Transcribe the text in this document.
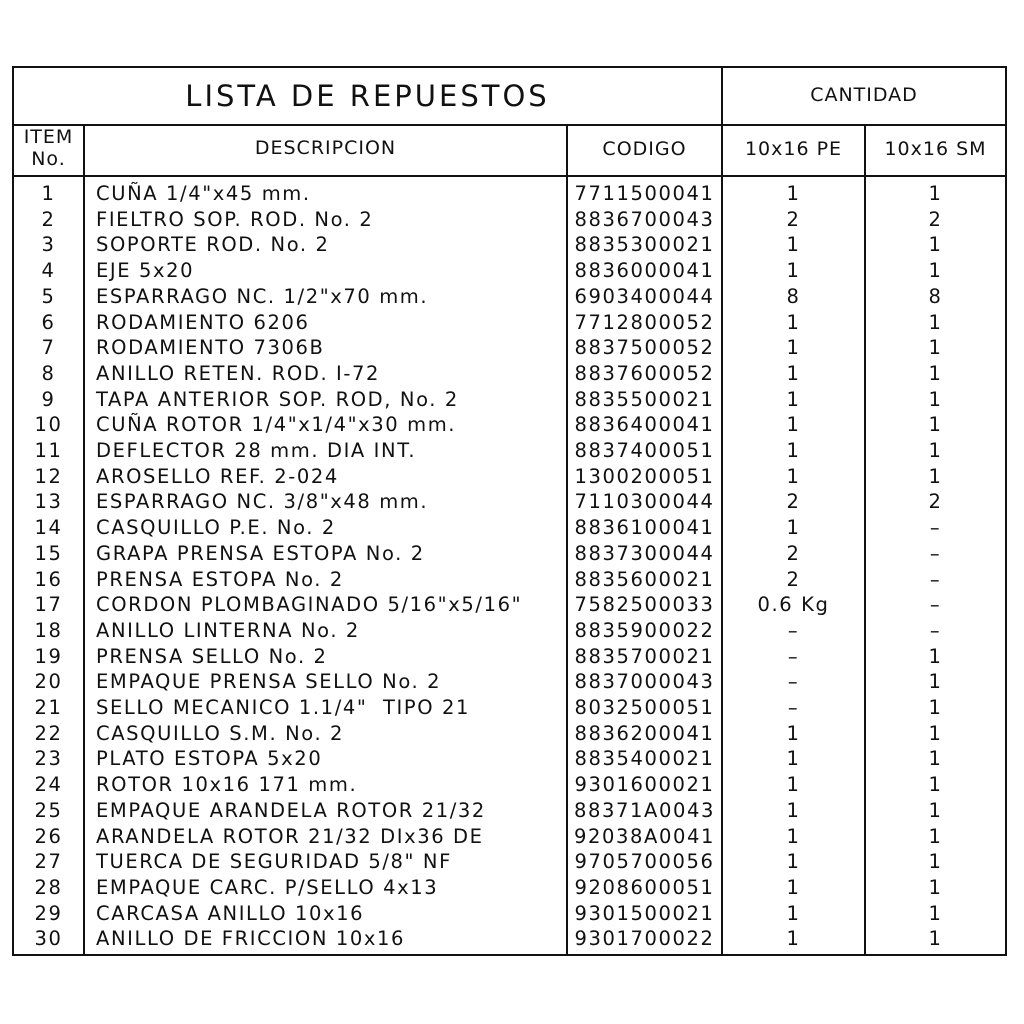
LISTA DE REPUESTOS	CANTIDAD
ITEM
No.	DESCRIPCION	CODIGO	10x16 PE	10x16 SM
1	CUÑA 1/4"x45 mm.	7711500041	1	1
2	FIELTRO SOP. ROD. No. 2	8836700043	2	2
3	SOPORTE ROD. No. 2	8835300021	1	1
4	EJE 5x20	8836000041	1	1
5	ESPARRAGO NC. 1/2"x70 mm.	6903400044	8	8
6	RODAMIENTO 6206	7712800052	1	1
7	RODAMIENTO 7306B	8837500052	1	1
8	ANILLO RETEN. ROD. I-72	8837600052	1	1
9	TAPA ANTERIOR SOP. ROD, No. 2	8835500021	1	1
10	CUÑA ROTOR 1/4"x1/4"x30 mm.	8836400041	1	1
11	DEFLECTOR 28 mm. DIA INT.	8837400051	1	1
12	AROSELLO REF. 2-024	1300200051	1	1
13	ESPARRAGO NC. 3/8"x48 mm.	7110300044	2	2
14	CASQUILLO P.E. No. 2	8836100041	1	–
15	GRAPA PRENSA ESTOPA No. 2	8837300044	2	–
16	PRENSA ESTOPA No. 2	8835600021	2	–
17	CORDON PLOMBAGINADO 5/16"x5/16"	7582500033	0.6 Kg	–
18	ANILLO LINTERNA No. 2	8835900022	–	–
19	PRENSA SELLO No. 2	8835700021	–	1
20	EMPAQUE PRENSA SELLO No. 2	8837000043	–	1
21	SELLO MECANICO 1.1/4"  TIPO 21	8032500051	–	1
22	CASQUILLO S.M. No. 2	8836200041	1	1
23	PLATO ESTOPA 5x20	8835400021	1	1
24	ROTOR 10x16 171 mm.	9301600021	1	1
25	EMPAQUE ARANDELA ROTOR 21/32	88371A0043	1	1
26	ARANDELA ROTOR 21/32 DIx36 DE	92038A0041	1	1
27	TUERCA DE SEGURIDAD 5/8" NF	9705700056	1	1
28	EMPAQUE CARC. P/SELLO 4x13	9208600051	1	1
29	CARCASA ANILLO 10x16	9301500021	1	1
30	ANILLO DE FRICCION 10x16	9301700022	1	1
